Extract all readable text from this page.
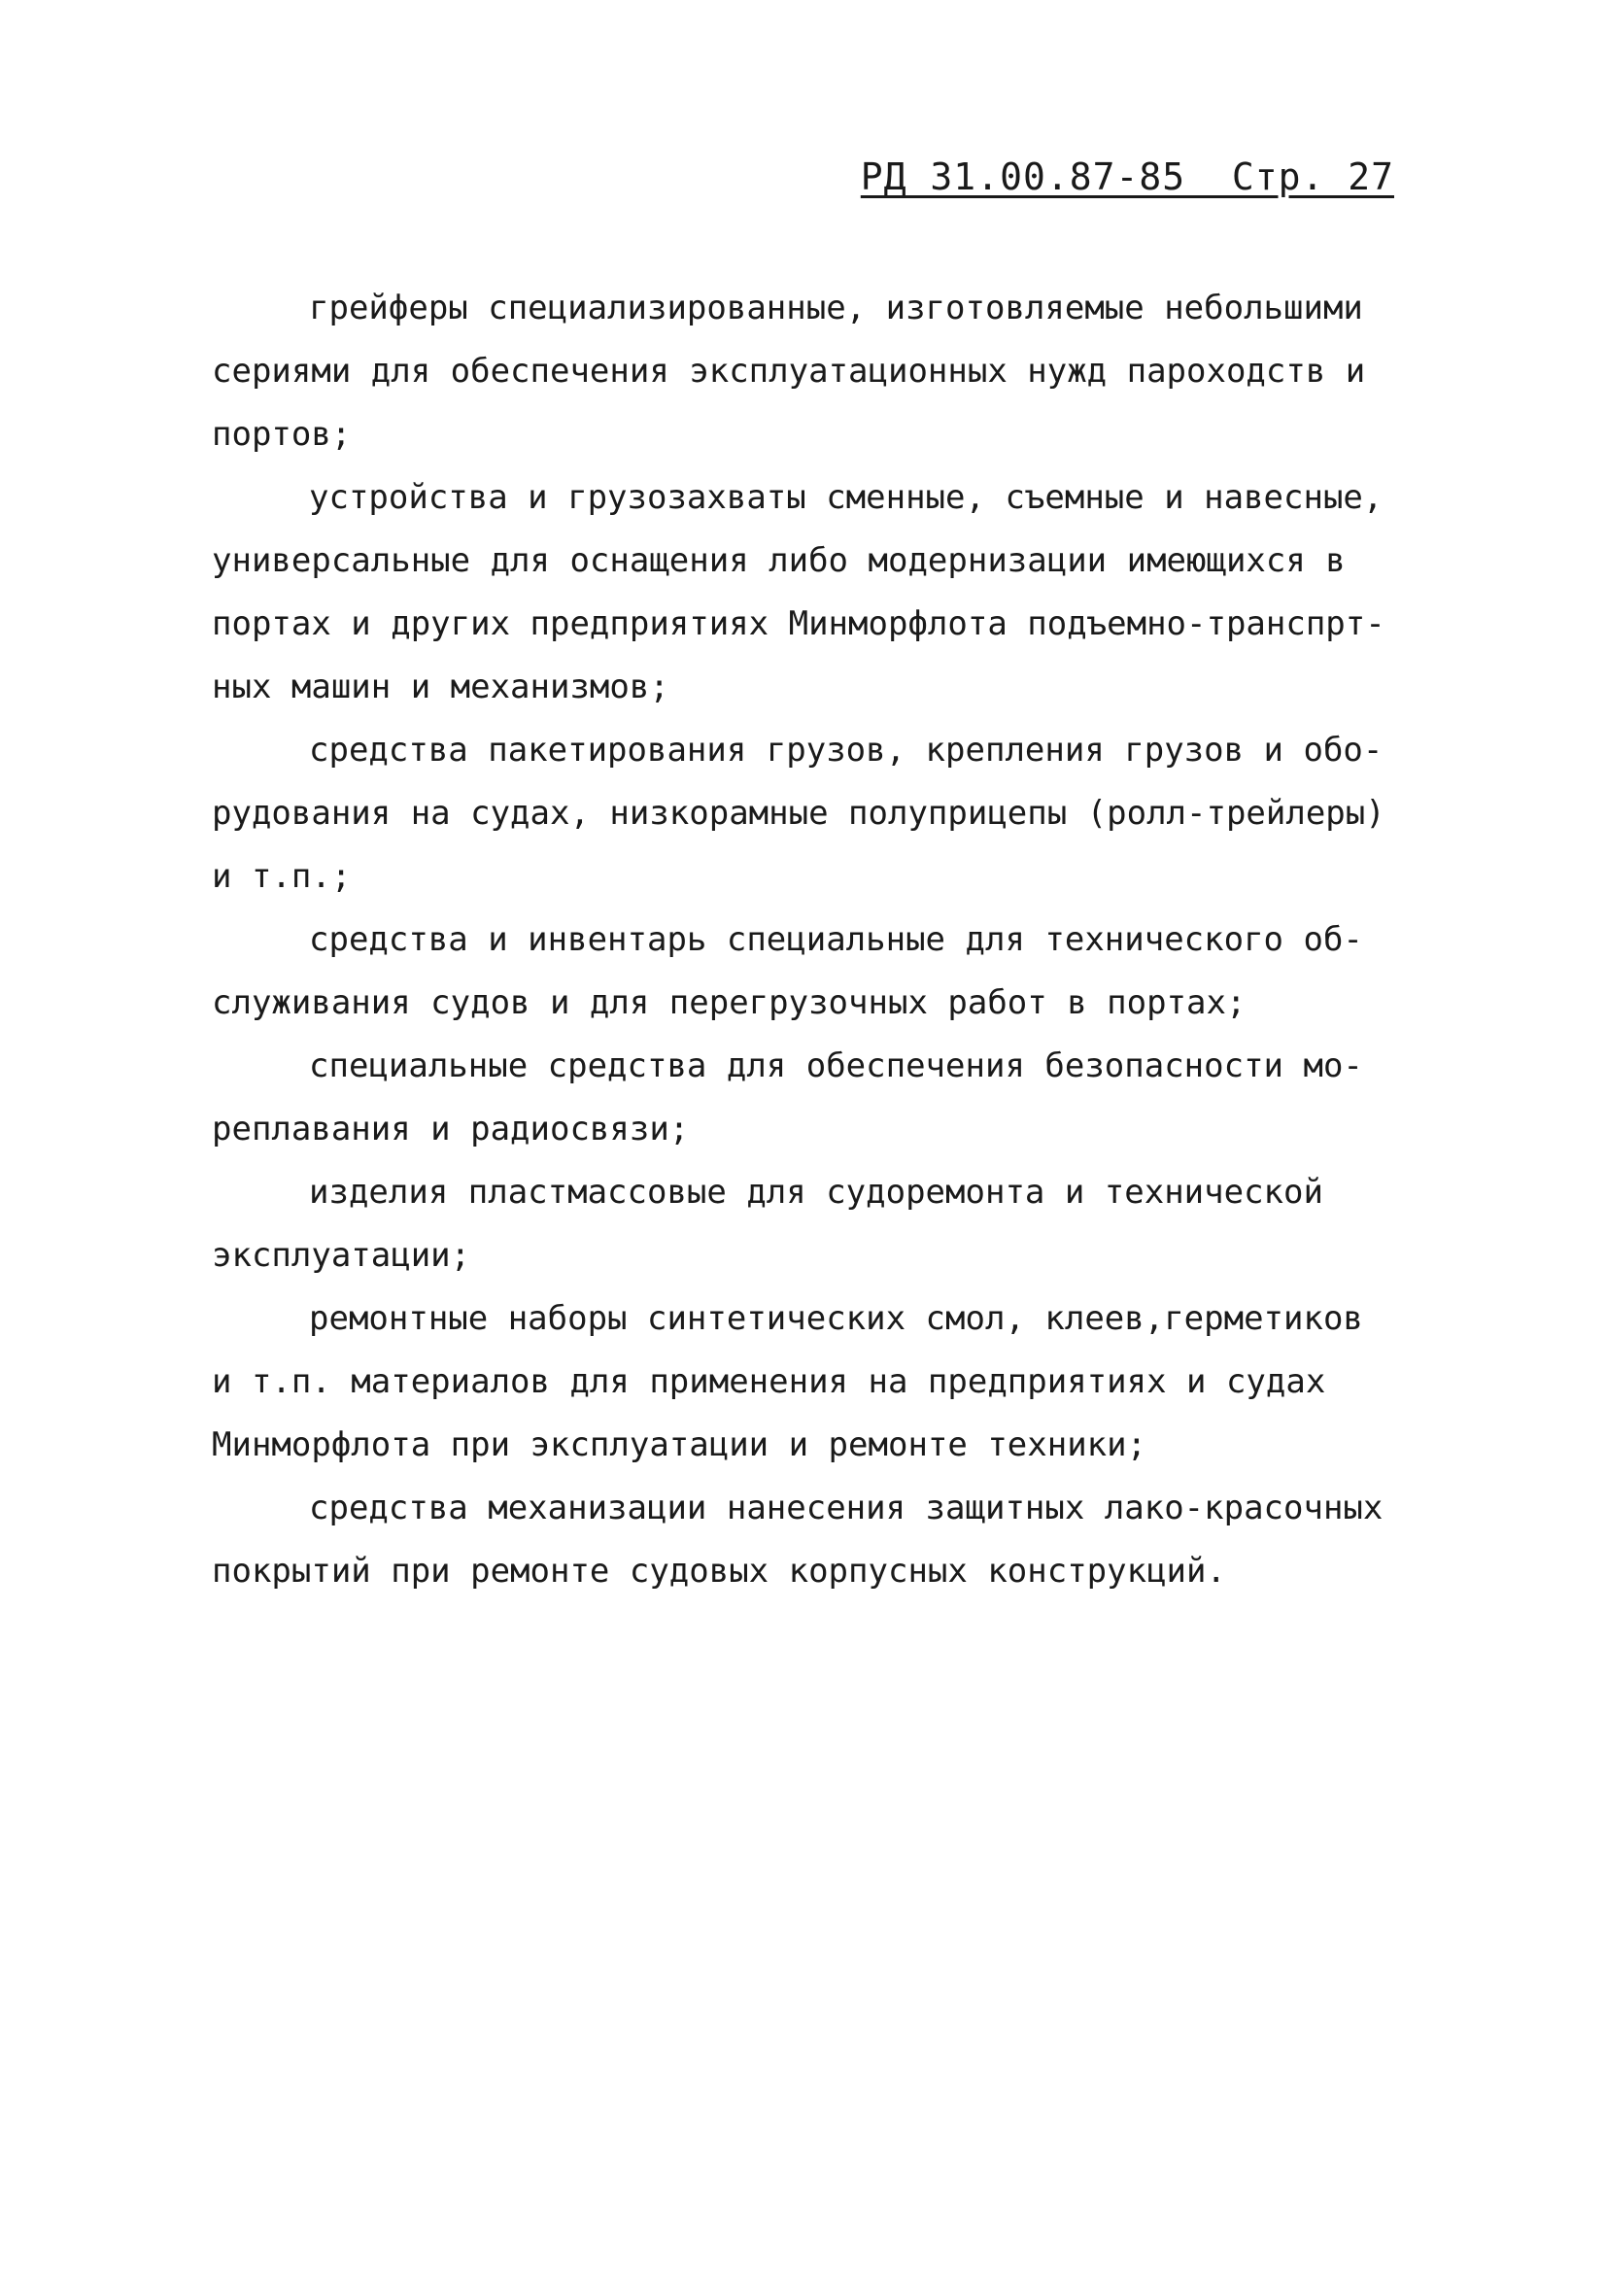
РД 31.00.87-85  Стр. 27

грейферы специализированные, изготовляемые небольшими
сериями для обеспечения эксплуатационных нужд пароходств и
портов;

устройства и грузозахваты сменные, съемные и навесные,
универсальные для оснащения либо модернизации имеющихся в
портах и других предприятиях Минморфлота подъемно-транспрт-
ных машин и механизмов;

средства пакетирования грузов, крепления грузов и обо-
рудования на судах, низкорамные полуприцепы (ролл-трейлеры)
и т.п.;

средства и инвентарь специальные для технического об-
служивания судов и для перегрузочных работ в портах;

специальные средства для обеспечения безопасности мо-
реплавания и радиосвязи;

изделия пластмассовые для судоремонта и технической
эксплуатации;

ремонтные наборы синтетических смол, клеев,герметиков
и т.п. материалов для применения на предприятиях и судах
Минморфлота при эксплуатации и ремонте техники;

средства механизации нанесения защитных лако-красочных
покрытий при ремонте судовых корпусных конструкций.
